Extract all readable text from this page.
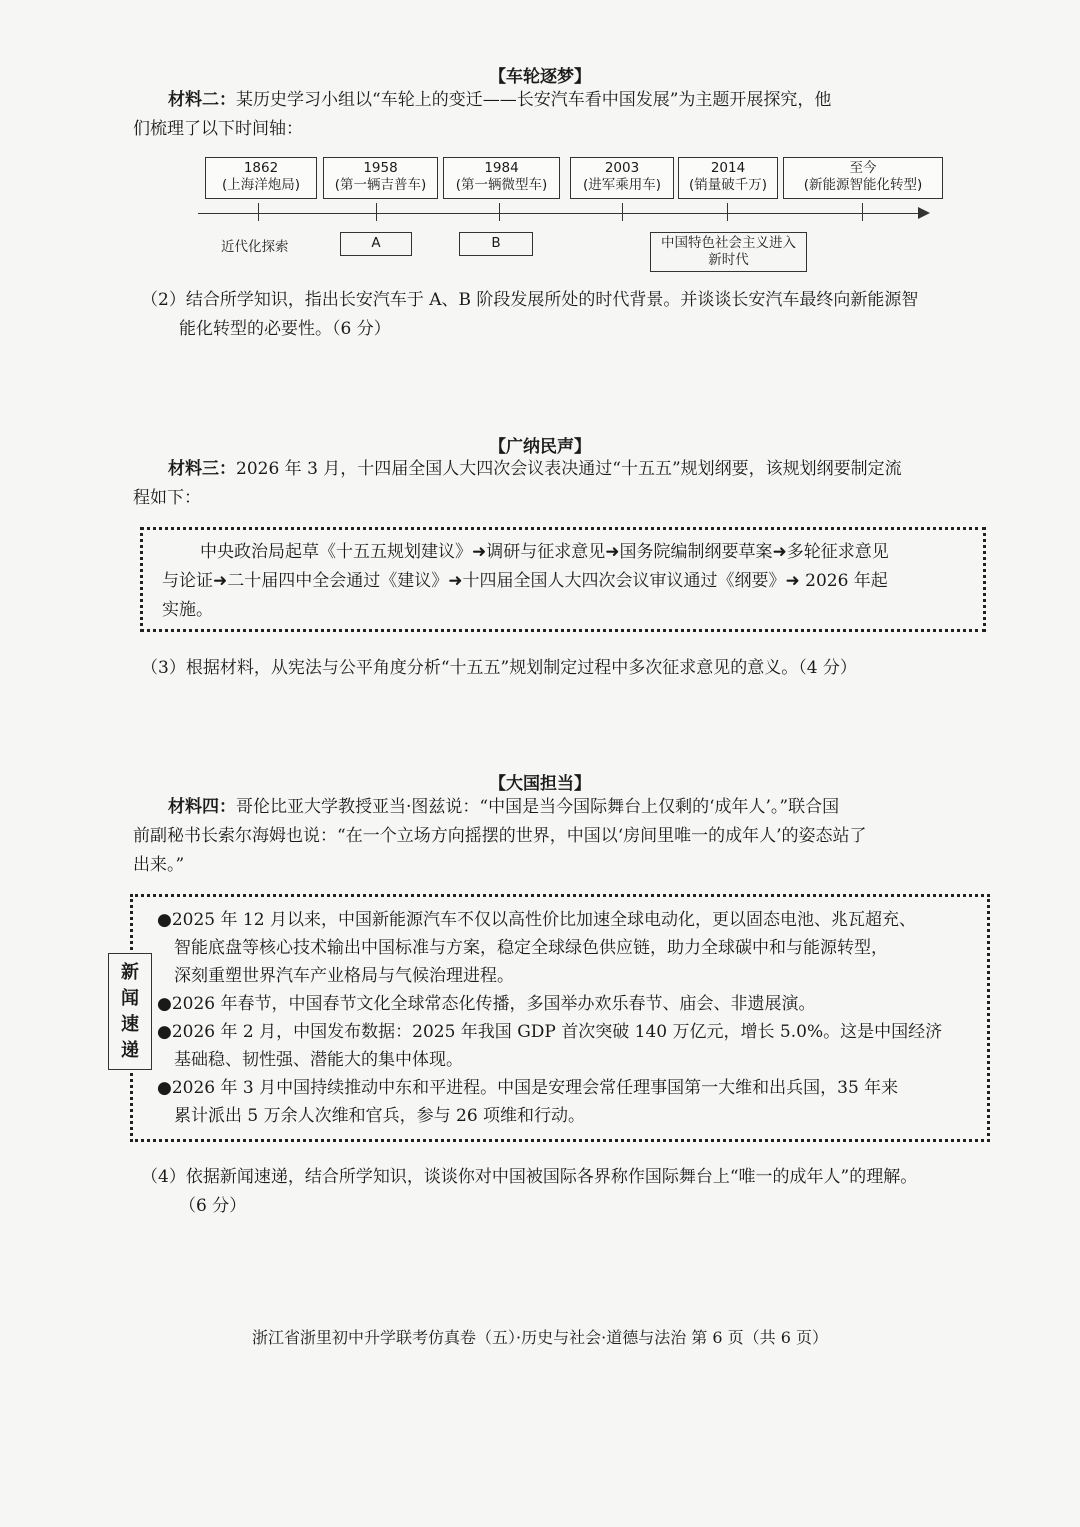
【车轮逐梦】
材料二：某历史学习小组以“车轮上的变迁——长安汽车看中国发展”为主题开展探究，他
们梳理了以下时间轴：
1862
(上海洋炮局)
1958
(第一辆吉普车)
1984
(第一辆微型车)
2003
(进军乘用车)
2014
(销量破千万)
至今
(新能源智能化转型)
近代化探索	A	B	中国特色社会主义进入
新时代
（2）结合所学知识，指出长安汽车于 A、B 阶段发展所处的时代背景。并谈谈长安汽车最终向新能源智
能化转型的必要性。（6 分）
【广纳民声】
材料三：2026 年 3 月，十四届全国人大四次会议表决通过“十五五”规划纲要，该规划纲要制定流
程如下：
中央政治局起草《十五五规划建议》➜调研与征求意见➜国务院编制纲要草案➜多轮征求意见
与论证➜二十届四中全会通过《建议》➜十四届全国人大四次会议审议通过《纲要》➜ 2026 年起
实施。
（3）根据材料，从宪法与公平角度分析“十五五”规划制定过程中多次征求意见的意义。（4 分）
【大国担当】
材料四：哥伦比亚大学教授亚当·图兹说：“中国是当今国际舞台上仅剩的‘成年人’。”联合国
前副秘书长索尔海姆也说：“在一个立场方向摇摆的世界，中国以‘房间里唯一的成年人’的姿态站了
出来。”
新
闻
速
递
●2025 年 12 月以来，中国新能源汽车不仅以高性价比加速全球电动化，更以固态电池、兆瓦超充、
智能底盘等核心技术输出中国标准与方案，稳定全球绿色供应链，助力全球碳中和与能源转型，
深刻重塑世界汽车产业格局与气候治理进程。
●2026 年春节，中国春节文化全球常态化传播，多国举办欢乐春节、庙会、非遗展演。
●2026 年 2 月，中国发布数据：2025 年我国 GDP 首次突破 140 万亿元，增长 5.0%。这是中国经济
基础稳、韧性强、潜能大的集中体现。
●2026 年 3 月中国持续推动中东和平进程。中国是安理会常任理事国第一大维和出兵国，35 年来
累计派出 5 万余人次维和官兵，参与 26 项维和行动。
（4）依据新闻速递，结合所学知识，谈谈你对中国被国际各界称作国际舞台上“唯一的成年人”的理解。
（6 分）
浙江省浙里初中升学联考仿真卷（五）·历史与社会·道德与法治 第 6 页（共 6 页）
